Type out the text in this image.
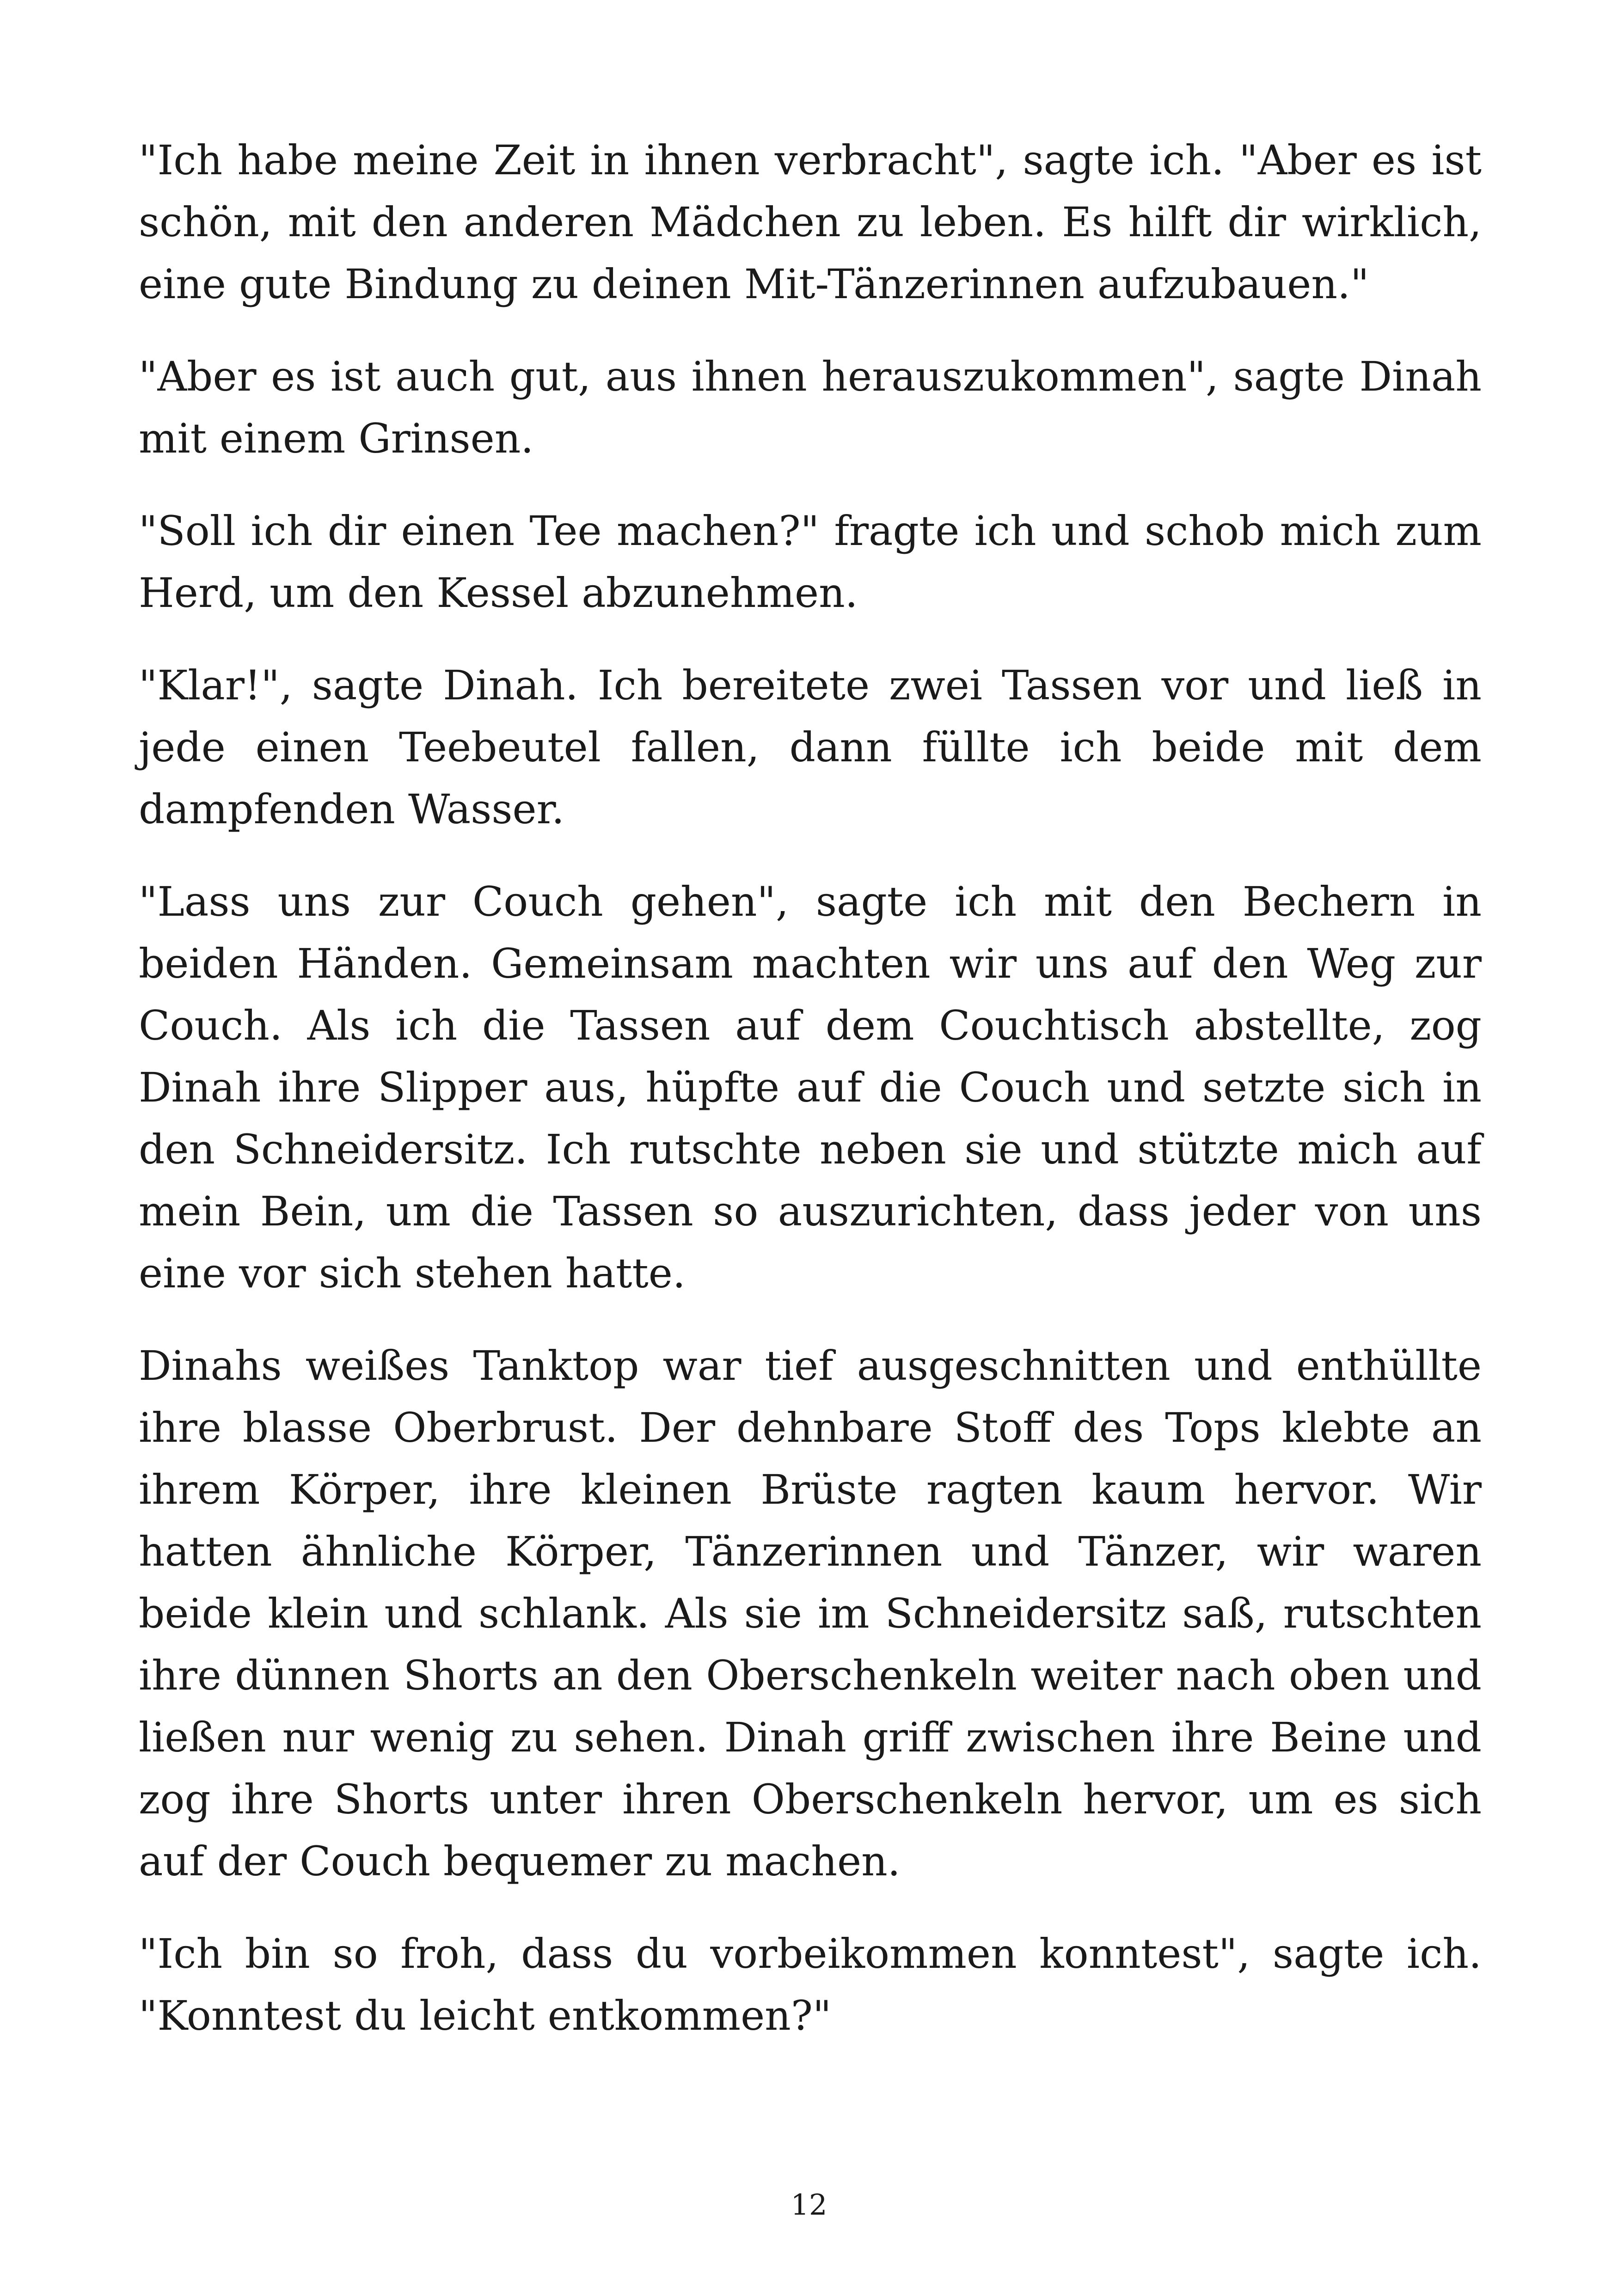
"Ich habe meine Zeit in ihnen verbracht", sagte ich. "Aber es ist schön, mit den anderen Mädchen zu leben. Es hilft dir wirklich, eine gute Bindung zu deinen Mit-Tänzerinnen aufzubauen."

"Aber es ist auch gut, aus ihnen herauszukommen", sagte Dinah mit einem Grinsen.

"Soll ich dir einen Tee machen?" fragte ich und schob mich zum Herd, um den Kessel abzunehmen.

"Klar!", sagte Dinah. Ich bereitete zwei Tassen vor und ließ in jede einen Teebeutel fallen, dann füllte ich beide mit dem dampfenden Wasser.

"Lass uns zur Couch gehen", sagte ich mit den Bechern in beiden Händen. Gemeinsam machten wir uns auf den Weg zur Couch. Als ich die Tassen auf dem Couchtisch abstellte, zog Dinah ihre Slipper aus, hüpfte auf die Couch und setzte sich in den Schneidersitz. Ich rutschte neben sie und stützte mich auf mein Bein, um die Tassen so auszurichten, dass jeder von uns eine vor sich stehen hatte.

Dinahs weißes Tanktop war tief ausgeschnitten und enthüllte ihre blasse Oberbrust. Der dehnbare Stoff des Tops klebte an ihrem Körper, ihre kleinen Brüste ragten kaum hervor. Wir hatten ähnliche Körper, Tänzerinnen und Tänzer, wir waren beide klein und schlank. Als sie im Schneidersitz saß, rutschten ihre dünnen Shorts an den Oberschenkeln weiter nach oben und ließen nur wenig zu sehen. Dinah griff zwischen ihre Beine und zog ihre Shorts unter ihren Oberschenkeln hervor, um es sich auf der Couch bequemer zu machen.

"Ich bin so froh, dass du vorbeikommen konntest", sagte ich. "Konntest du leicht entkommen?"

12
